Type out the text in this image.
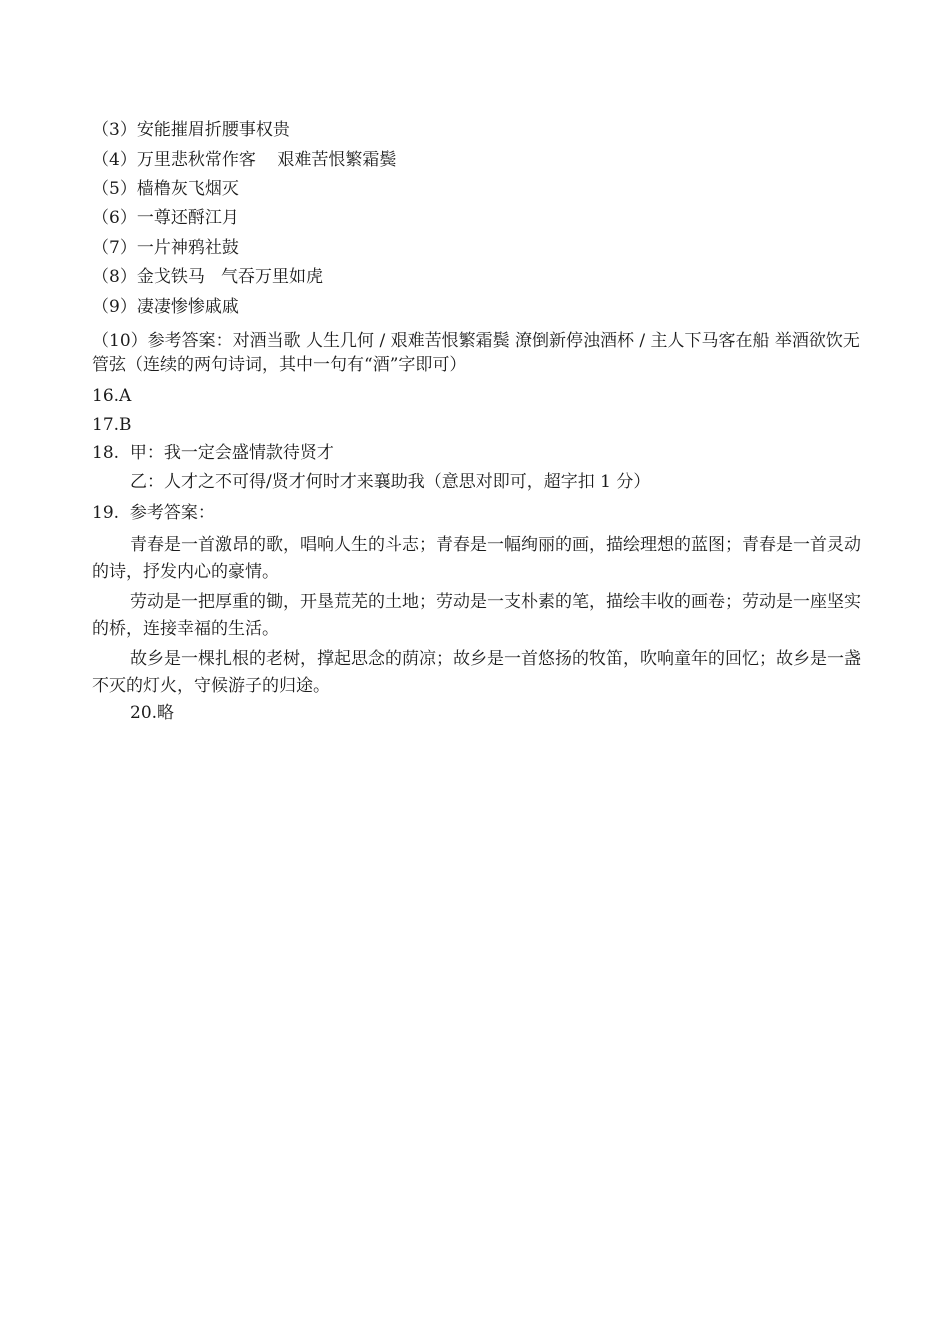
（3）安能摧眉折腰事权贵
（4）万里悲秋常作客    艰难苦恨繁霜鬓
（5）樯橹灰飞烟灭
（6）一尊还酹江月
（7）一片神鸦社鼓
（8）金戈铁马   气吞万里如虎
（9）凄凄惨惨戚戚
（10）参考答案：对酒当歌 人生几何 / 艰难苦恨繁霜鬓 潦倒新停浊酒杯 / 主人下马客在船 举酒欲饮无管弦（连续的两句诗词，其中一句有“酒”字即可）
16.A
17.B
18.  甲：我一定会盛情款待贤才
乙：人才之不可得/贤才何时才来襄助我（意思对即可，超字扣 1 分）
19.  参考答案：
青春是一首激昂的歌，唱响人生的斗志；青春是一幅绚丽的画，描绘理想的蓝图；青春是一首灵动的诗，抒发内心的豪情。
劳动是一把厚重的锄，开垦荒芜的土地；劳动是一支朴素的笔，描绘丰收的画卷；劳动是一座坚实的桥，连接幸福的生活。
故乡是一棵扎根的老树，撑起思念的荫凉；故乡是一首悠扬的牧笛，吹响童年的回忆；故乡是一盏不灭的灯火，守候游子的归途。
20.略
